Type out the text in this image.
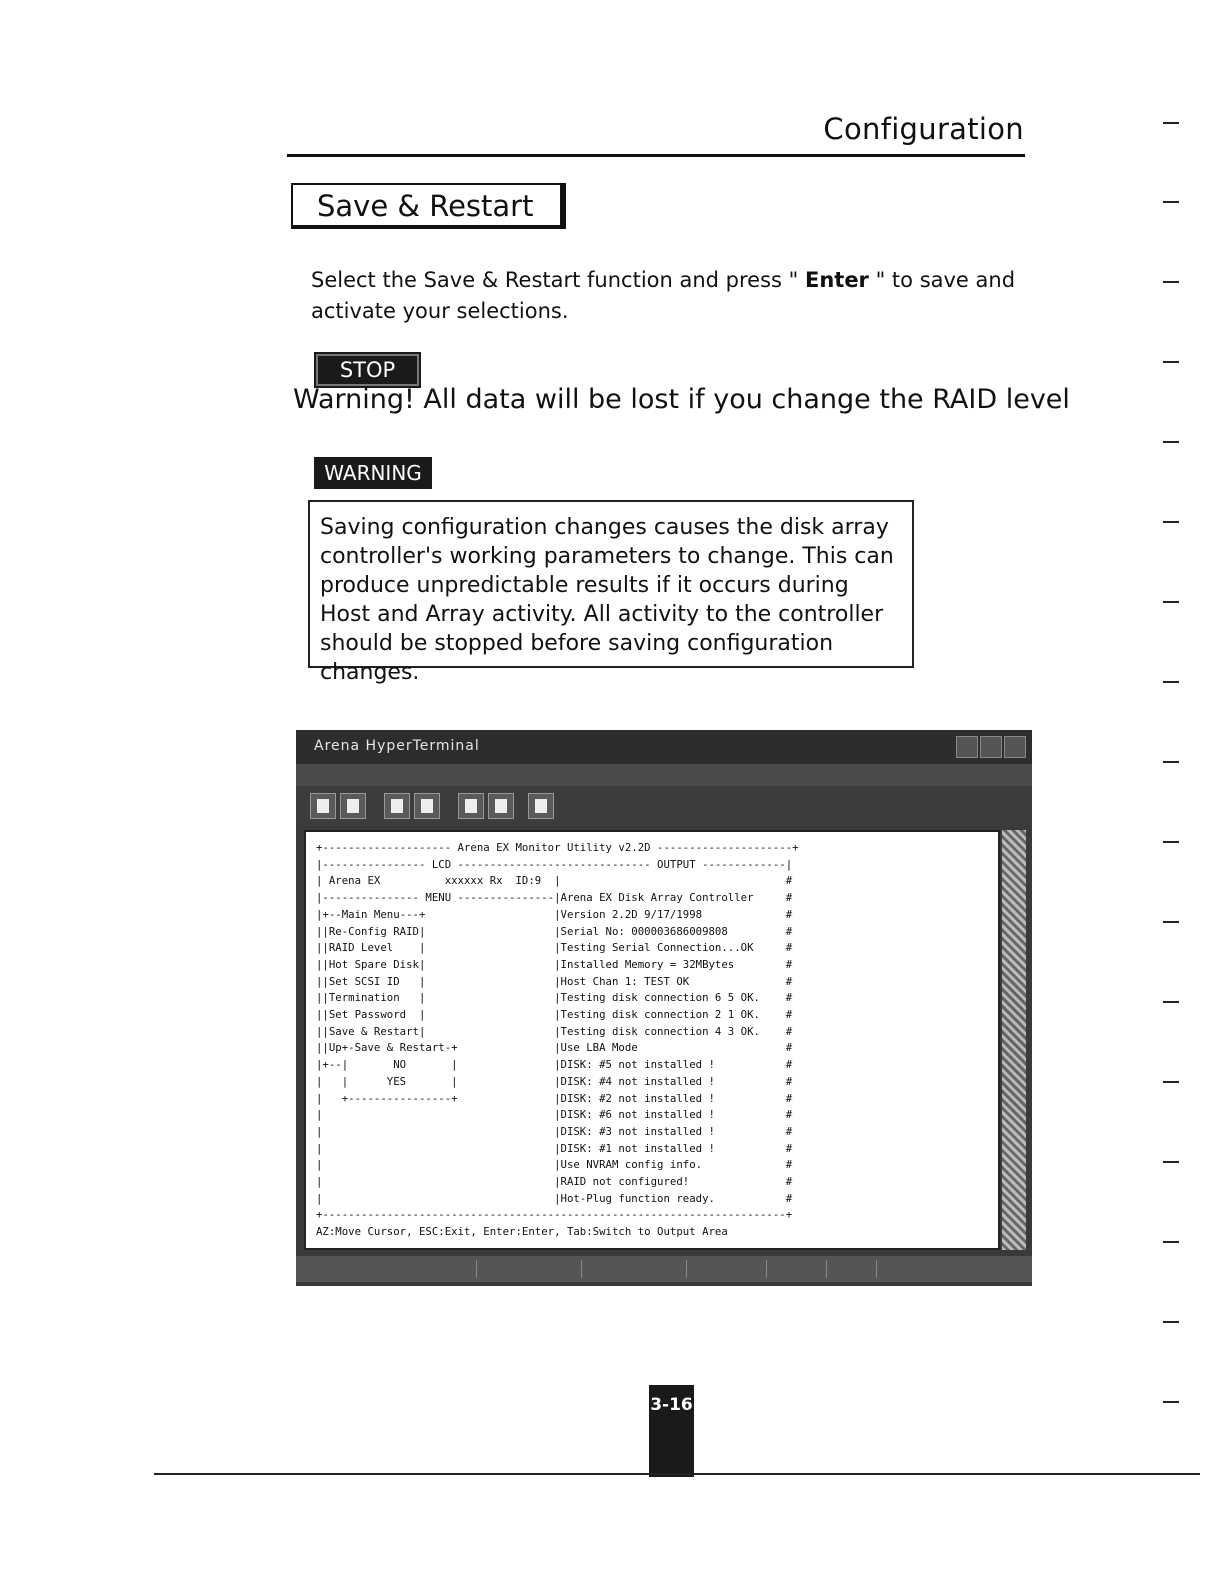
Configuration
Save & Restart
Select the Save & Restart function and press " Enter " to save and activate your selections.
STOP
Warning! All data will be lost if you change the RAID level
WARNING
Saving configuration changes causes the disk array controller's working parameters to change. This can produce unpredictable results if it occurs during Host and Array activity. All activity to the controller should be stopped before saving configuration changes.
Arena HyperTerminal
+-------------------- Arena EX Monitor Utility v2.2D ---------------------+
|---------------- LCD ------------------------------ OUTPUT -------------|
| Arena EX          xxxxxx Rx  ID:9  |                                   #
|--------------- MENU ---------------|Arena EX Disk Array Controller     #
|+--Main Menu---+                    |Version 2.2D 9/17/1998             #
||Re-Config RAID|                    |Serial No: 000003686009808         #
||RAID Level    |                    |Testing Serial Connection...OK     #
||Hot Spare Disk|                    |Installed Memory = 32MBytes        #
||Set SCSI ID   |                    |Host Chan 1: TEST OK               #
||Termination   |                    |Testing disk connection 6 5 OK.    #
||Set Password  |                    |Testing disk connection 2 1 OK.    #
||Save & Restart|                    |Testing disk connection 4 3 OK.    #
||Up+-Save & Restart-+               |Use LBA Mode                       #
|+--|       NO       |               |DISK: #5 not installed !           #
|   |      YES       |               |DISK: #4 not installed !           #
|   +----------------+               |DISK: #2 not installed !           #
|                                    |DISK: #6 not installed !           #
|                                    |DISK: #3 not installed !           #
|                                    |DISK: #1 not installed !           #
|                                    |Use NVRAM config info.             #
|                                    |RAID not configured!               #
|                                    |Hot-Plug function ready.           #
+------------------------------------------------------------------------+
AZ:Move Cursor, ESC:Exit, Enter:Enter, Tab:Switch to Output Area
3-16
